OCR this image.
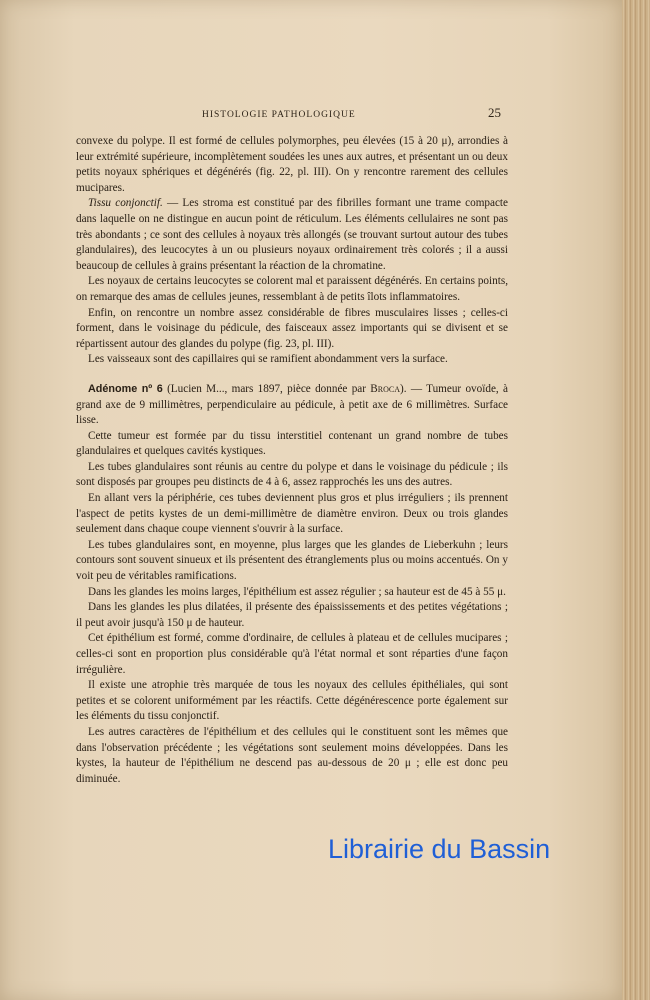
HISTOLOGIE PATHOLOGIQUE	25

convexe du polype. Il est formé de cellules polymorphes, peu élevées (15 à 20 μ), arrondies à leur extrémité supérieure, incomplètement soudées les unes aux autres, et présentant un ou deux petits noyaux sphériques et dégénérés (fig. 22, pl. III). On y rencontre rarement des cellules mucipares.

Tissu conjonctif. — Les stroma est constitué par des fibrilles formant une trame compacte dans laquelle on ne distingue en aucun point de réticulum. Les éléments cellulaires ne sont pas très abondants ; ce sont des cellules à noyaux très allongés (se trouvant surtout autour des tubes glandulaires), des leucocytes à un ou plusieurs noyaux ordinairement très colorés ; il a aussi beaucoup de cellules à grains présentant la réaction de la chromatine.

Les noyaux de certains leucocytes se colorent mal et paraissent dégénérés. En certains points, on remarque des amas de cellules jeunes, ressemblant à de petits îlots inflammatoires.

Enfin, on rencontre un nombre assez considérable de fibres musculaires lisses ; celles-ci forment, dans le voisinage du pédicule, des faisceaux assez importants qui se divisent et se répartissent autour des glandes du polype (fig. 23, pl. III).

Les vaisseaux sont des capillaires qui se ramifient abondamment vers la surface.

Adénome nº 6 (Lucien M..., mars 1897, pièce donnée par Broca). — Tumeur ovoïde, à grand axe de 9 millimètres, perpendiculaire au pédicule, à petit axe de 6 millimètres. Surface lisse.

Cette tumeur est formée par du tissu interstitiel contenant un grand nombre de tubes glandulaires et quelques cavités kystiques.

Les tubes glandulaires sont réunis au centre du polype et dans le voisinage du pédicule ; ils sont disposés par groupes peu distincts de 4 à 6, assez rapprochés les uns des autres.

En allant vers la périphérie, ces tubes deviennent plus gros et plus irréguliers ; ils prennent l'aspect de petits kystes de un demi-millimètre de diamètre environ. Deux ou trois glandes seulement dans chaque coupe viennent s'ouvrir à la surface.

Les tubes glandulaires sont, en moyenne, plus larges que les glandes de Lieberkuhn ; leurs contours sont souvent sinueux et ils présentent des étranglements plus ou moins accentués. On y voit peu de véritables ramifications.

Dans les glandes les moins larges, l'épithélium est assez régulier ; sa hauteur est de 45 à 55 μ.

Dans les glandes les plus dilatées, il présente des épaississements et des petites végétations ; il peut avoir jusqu'à 150 μ de hauteur.

Cet épithélium est formé, comme d'ordinaire, de cellules à plateau et de cellules mucipares ; celles-ci sont en proportion plus considérable qu'à l'état normal et sont réparties d'une façon irrégulière.

Il existe une atrophie très marquée de tous les noyaux des cellules épithéliales, qui sont petites et se colorent uniformément par les réactifs. Cette dégénérescence porte également sur les éléments du tissu conjonctif.

Les autres caractères de l'épithélium et des cellules qui le constituent sont les mêmes que dans l'observation précédente ; les végétations sont seulement moins développées. Dans les kystes, la hauteur de l'épithélium ne descend pas au-dessous de 20 μ ; elle est donc peu diminuée.

Librairie du Bassin
